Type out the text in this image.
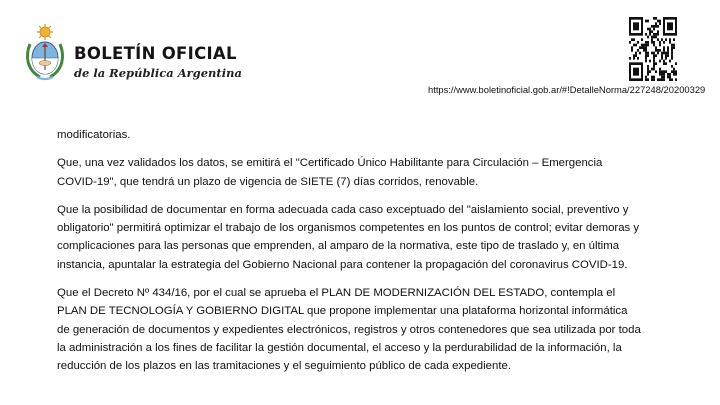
BOLETÍN OFICIAL
de la República Argentina
https://www.boletinoficial.gob.ar/#!DetalleNorma/227248/20200329
modificatorias.
Que, una vez validados los datos, se emitirá el "Certificado Único Habilitante para Circulación – Emergencia
COVID-19", que tendrá un plazo de vigencia de SIETE (7) días corridos, renovable.
Que la posibilidad de documentar en forma adecuada cada caso exceptuado del "aislamiento social, preventivo y
obligatorio" permitirá optimizar el trabajo de los organismos competentes en los puntos de control; evitar demoras y
complicaciones para las personas que emprenden, al amparo de la normativa, este tipo de traslado y, en última
instancia, apuntalar la estrategia del Gobierno Nacional para contener la propagación del coronavirus COVID-19.
Que el Decreto Nº 434/16, por el cual se aprueba el PLAN DE MODERNIZACIÓN DEL ESTADO, contempla el
PLAN DE TECNOLOGÍA Y GOBIERNO DIGITAL que propone implementar una plataforma horizontal informática
de generación de documentos y expedientes electrónicos, registros y otros contenedores que sea utilizada por toda
la administración a los fines de facilitar la gestión documental, el acceso y la perdurabilidad de la información, la
reducción de los plazos en las tramitaciones y el seguimiento público de cada expediente.
